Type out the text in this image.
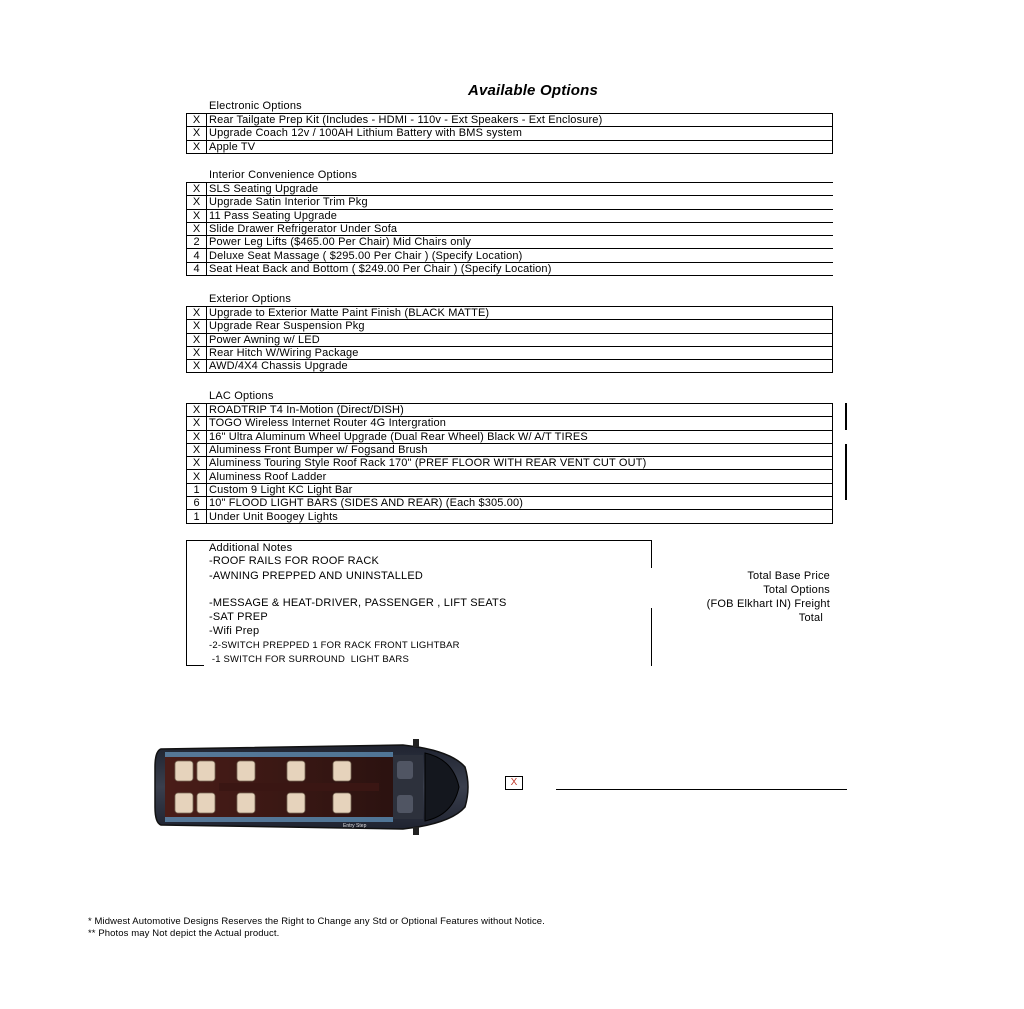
Available Options
Electronic Options
X	Rear Tailgate Prep Kit (Includes - HDMI - 110v - Ext Speakers - Ext Enclosure)
X	Upgrade Coach 12v / 100AH Lithium Battery with BMS system
X	Apple TV
Interior Convenience Options
X	SLS Seating Upgrade
X	Upgrade Satin Interior Trim Pkg
X	11 Pass Seating Upgrade
X	Slide Drawer Refrigerator Under Sofa
2	Power Leg Lifts ($465.00 Per Chair) Mid Chairs only
4	Deluxe Seat Massage ( $295.00 Per Chair ) (Specify Location)
4	Seat Heat Back and Bottom ( $249.00 Per Chair ) (Specify Location)
Exterior Options
X	Upgrade to Exterior Matte Paint Finish (BLACK MATTE)
X	Upgrade Rear Suspension Pkg
X	Power Awning w/ LED
X	Rear Hitch W/Wiring Package
X	AWD/4X4 Chassis Upgrade
LAC Options
X	ROADTRIP T4 In-Motion (Direct/DISH)
X	TOGO Wireless Internet Router 4G Intergration
X	16" Ultra Aluminum Wheel Upgrade (Dual Rear Wheel) Black W/ A/T TIRES
X	Aluminess Front Bumper w/ Fogsand Brush
X	Aluminess Touring Style Roof Rack 170" (PREF FLOOR WITH REAR VENT CUT OUT)
X	Aluminess Roof Ladder
1	Custom 9 Light KC Light Bar
6	10" FLOOD LIGHT BARS (SIDES AND REAR) (Each $305.00)
1	Under Unit Boogey Lights
Additional Notes
-ROOF RAILS FOR ROOF RACK
-AWNING PREPPED AND UNINSTALLED
-MESSAGE & HEAT-DRIVER, PASSENGER , LIFT SEATS
-SAT PREP
-Wifi Prep
-2-SWITCH PREPPED 1 FOR RACK FRONT LIGHTBAR
-1 SWITCH FOR SURROUND  LIGHT BARS
Total Base Price
Total Options
(FOB Elkhart IN) Freight
Total
Entry Step
X
* Midwest Automotive Designs Reserves the Right to Change any Std or Optional Features without Notice.
** Photos may Not depict the Actual product.
